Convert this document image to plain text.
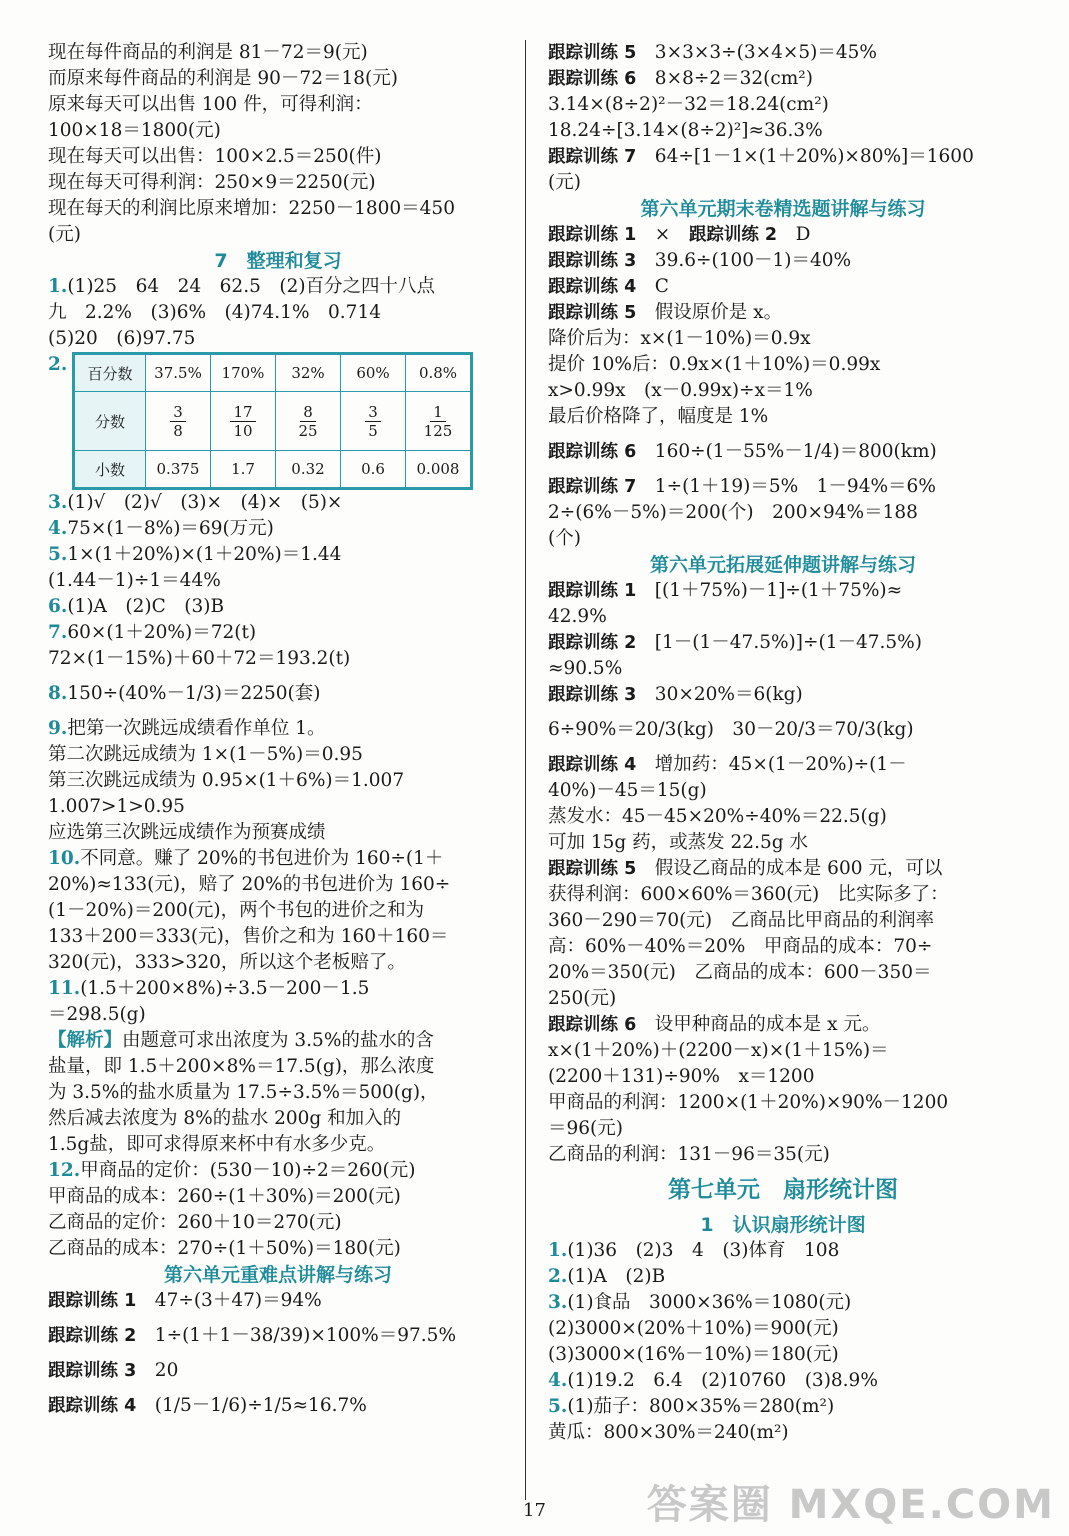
现在每件商品的利润是 81－72＝9(元)
而原来每件商品的利润是 90－72＝18(元)
原来每天可以出售 100 件，可得利润：
100×18＝1800(元)
现在每天可以出售：100×2.5＝250(件)
现在每天可得利润：250×9＝2250(元)
现在每天的利润比原来增加：2250－1800＝450
(元)
7　整理和复习
1.(1)25　64　24　62.5　(2)百分之四十八点
九　2.2%　(3)6%　(4)74.1%　0.714
(5)20　(6)97.75
2. 百分数	37.5%	170%	32%	60%	0.8%
分数	$\frac{3}{8}$	$\frac{17}{10}$	$\frac{8}{25}$	$\frac{3}{5}$	$\frac{1}{125}$

小数	0.375	1.7	0.32	0.6	0.008
3.(1)√　(2)√　(3)×　(4)×　(5)×
4.75×(1－8%)＝69(万元)
5.1×(1＋20%)×(1＋20%)＝1.44
(1.44－1)÷1＝44%
6.(1)A　(2)C　(3)B
7.60×(1＋20%)＝72(t)
72×(1－15%)＋60＋72＝193.2(t)
8.150÷(40%－1/3)＝2250(套)
9.把第一次跳远成绩看作单位 1。
第二次跳远成绩为 1×(1－5%)＝0.95
第三次跳远成绩为 0.95×(1＋6%)＝1.007
1.007>1>0.95
应选第三次跳远成绩作为预赛成绩
10.不同意。赚了 20%的书包进价为 160÷(1＋
20%)≈133(元)，赔了 20%的书包进价为 160÷
(1－20%)＝200(元)，两个书包的进价之和为
133＋200＝333(元)，售价之和为 160＋160＝
320(元)，333>320，所以这个老板赔了。
11.(1.5＋200×8%)÷3.5－200－1.5
＝298.5(g)
【解析】由题意可求出浓度为 3.5%的盐水的含
盐量，即 1.5＋200×8%＝17.5(g)，那么浓度
为 3.5%的盐水质量为 17.5÷3.5%＝500(g)，
然后减去浓度为 8%的盐水 200g 和加入的
1.5g盐，即可求得原来杯中有水多少克。
12.甲商品的定价：(530－10)÷2＝260(元)
甲商品的成本：260÷(1＋30%)＝200(元)
乙商品的定价：260＋10＝270(元)
乙商品的成本：270÷(1＋50%)＝180(元)
第六单元重难点讲解与练习
跟踪训练 1　 47÷(3＋47)＝94%
跟踪训练 2　 1÷(1＋1－38/39)×100%＝97.5%
跟踪训练 3　 20
跟踪训练 4　 (1/5－1/6)÷1/5≈16.7%
跟踪训练 5　 3×3×3÷(3×4×5)＝45%
跟踪训练 6　 8×8÷2＝32(cm²)
3.14×(8÷2)²－32＝18.24(cm²)
18.24÷[3.14×(8÷2)²]≈36.3%
跟踪训练 7　 64÷[1－1×(1＋20%)×80%]＝1600
(元)
第六单元期末卷精选题讲解与练习
跟踪训练 1　 ×　 跟踪训练 2　 D
跟踪训练 3　 39.6÷(100－1)＝40%
跟踪训练 4　 C
跟踪训练 5　 假设原价是 x。
降价后为：x×(1－10%)＝0.9x
提价 10%后：0.9x×(1＋10%)＝0.99x
x>0.99x　(x－0.99x)÷x＝1%
最后价格降了，幅度是 1%
跟踪训练 6　 160÷(1－55%－1/4)＝800(km)
跟踪训练 7　 1÷(1＋19)＝5%　1－94%＝6%
2÷(6%－5%)＝200(个)　200×94%＝188
(个)
第六单元拓展延伸题讲解与练习
跟踪训练 1　 [(1＋75%)－1]÷(1＋75%)≈
42.9%
跟踪训练 2　 [1－(1－47.5%)]÷(1－47.5%)
≈90.5%
跟踪训练 3　 30×20%＝6(kg)
6÷90%＝20/3(kg)　30－20/3＝70/3(kg)
跟踪训练 4　 增加药：45×(1－20%)÷(1－
40%)－45＝15(g)
蒸发水：45－45×20%÷40%＝22.5(g)
可加 15g 药，或蒸发 22.5g 水
跟踪训练 5　 假设乙商品的成本是 600 元，可以
获得利润：600×60%＝360(元)　比实际多了：
360－290＝70(元)　乙商品比甲商品的利润率
高：60%－40%＝20%　甲商品的成本：70÷
20%＝350(元)　乙商品的成本：600－350＝
250(元)
跟踪训练 6　 设甲种商品的成本是 x 元。
x×(1＋20%)＋(2200－x)×(1＋15%)＝
(2200＋131)÷90%　x＝1200
甲商品的利润：1200×(1＋20%)×90%－1200
＝96(元)
乙商品的利润：131－96＝35(元)
第七单元　扇形统计图
1　认识扇形统计图
1.(1)36　(2)3　4　(3)体育　108
2.(1)A　(2)B
3.(1)食品　3000×36%＝1080(元)
(2)3000×(20%＋10%)＝900(元)
(3)3000×(16%－10%)＝180(元)
4.(1)19.2　6.4　(2)10760　(3)8.9%
5.(1)茄子：800×35%＝280(m²)
黄瓜：800×30%＝240(m²)
17	答案圈 MXQE.COM
